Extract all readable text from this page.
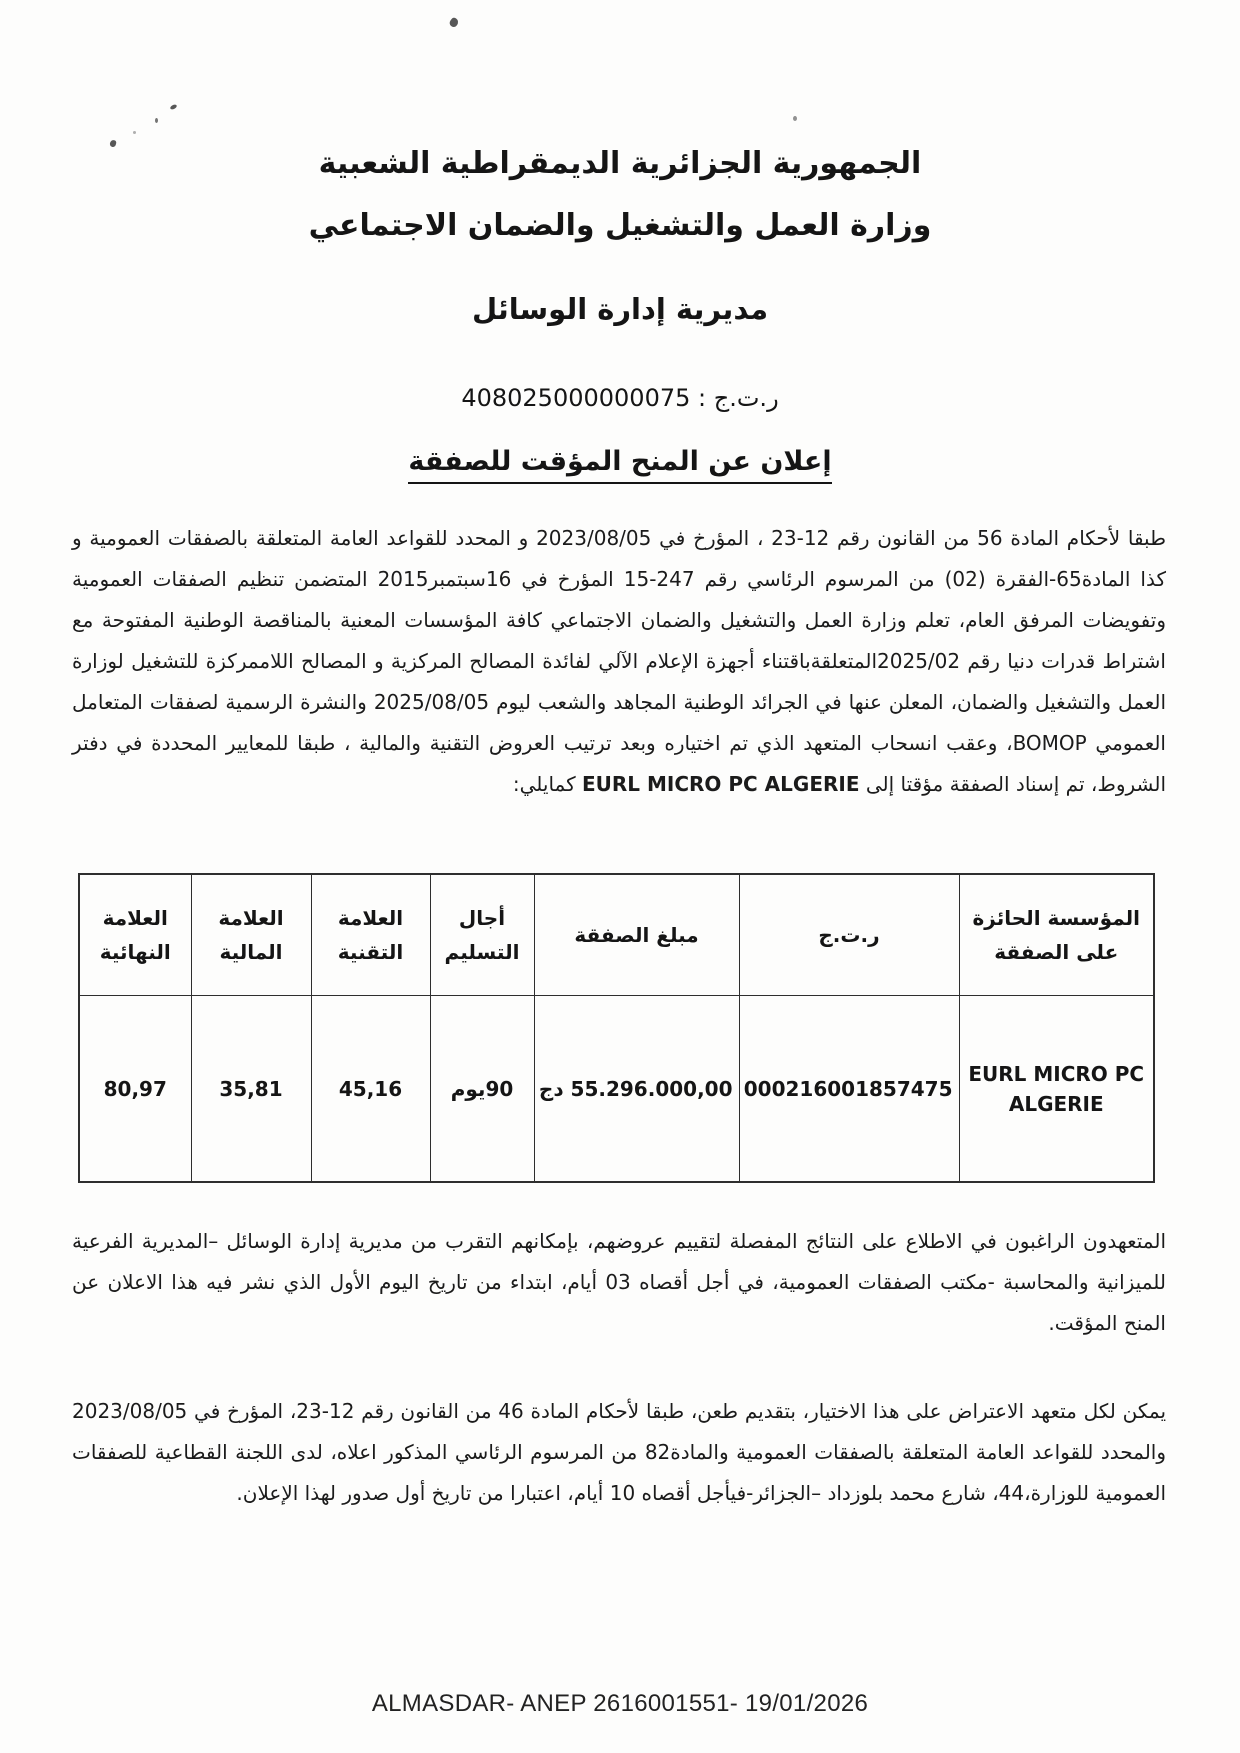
الجمهورية الجزائرية الديمقراطية الشعبية
وزارة العمل والتشغيل والضمان الاجتماعي
مديرية إدارة الوسائل
ر.ت.ج : 408025000000075
إعلان عن المنح المؤقت للصفقة
طبقا لأحكام المادة 56 من القانون رقم 12-23 ، المؤرخ في 2023/08/05 و المحدد للقواعد العامة المتعلقة بالصفقات العمومية و كذا المادة65-الفقرة (02) من المرسوم الرئاسي رقم 247-15 المؤرخ في 16سبتمبر2015 المتضمن تنظيم الصفقات العمومية وتفويضات المرفق العام، تعلم وزارة العمل والتشغيل والضمان الاجتماعي كافة المؤسسات المعنية بالمناقصة الوطنية المفتوحة مع اشتراط قدرات دنيا رقم 2025/02المتعلقةباقتناء أجهزة الإعلام الآلي لفائدة المصالح المركزية و المصالح اللاممركزة للتشغيل لوزارة العمل والتشغيل والضمان، المعلن عنها في الجرائد الوطنية المجاهد والشعب ليوم 2025/08/05 والنشرة الرسمية لصفقات المتعامل العمومي BOMOP، وعقب انسحاب المتعهد الذي تم اختياره وبعد ترتيب العروض التقنية والمالية ، طبقا للمعايير المحددة في دفتر الشروط، تم إسناد الصفقة مؤقتا إلى EURL MICRO PC ALGERIE كمايلي:
المؤسسة الحائزة على الصفقة	ر.ت.ج	مبلغ الصفقة	أجال التسليم	العلامة التقنية	العلامة المالية	العلامة النهائية
EURL MICRO PC ALGERIE	000216001857475	55.296.000,00 دج	90يوم	45,16	35,81	80,97
المتعهدون الراغبون في الاطلاع على النتائج المفصلة لتقييم عروضهم، بإمكانهم التقرب من مديرية إدارة الوسائل –المديرية الفرعية للميزانية والمحاسبة -مكتب الصفقات العمومية، في أجل أقصاه 03 أيام، ابتداء من تاريخ اليوم الأول الذي نشر فيه هذا الاعلان عن المنح المؤقت.
يمكن لكل متعهد الاعتراض على هذا الاختيار، بتقديم طعن، طبقا لأحكام المادة 46 من القانون رقم 12-23، المؤرخ في 2023/08/05 والمحدد للقواعد العامة المتعلقة بالصفقات العمومية والمادة82 من المرسوم الرئاسي المذكور اعلاه، لدى اللجنة القطاعية للصفقات العمومية للوزارة،44، شارع محمد بلوزداد –الجزائر-فيأجل أقصاه 10 أيام، اعتبارا من تاريخ أول صدور لهذا الإعلان.
ALMASDAR- ANEP 2616001551- 19/01/2026
